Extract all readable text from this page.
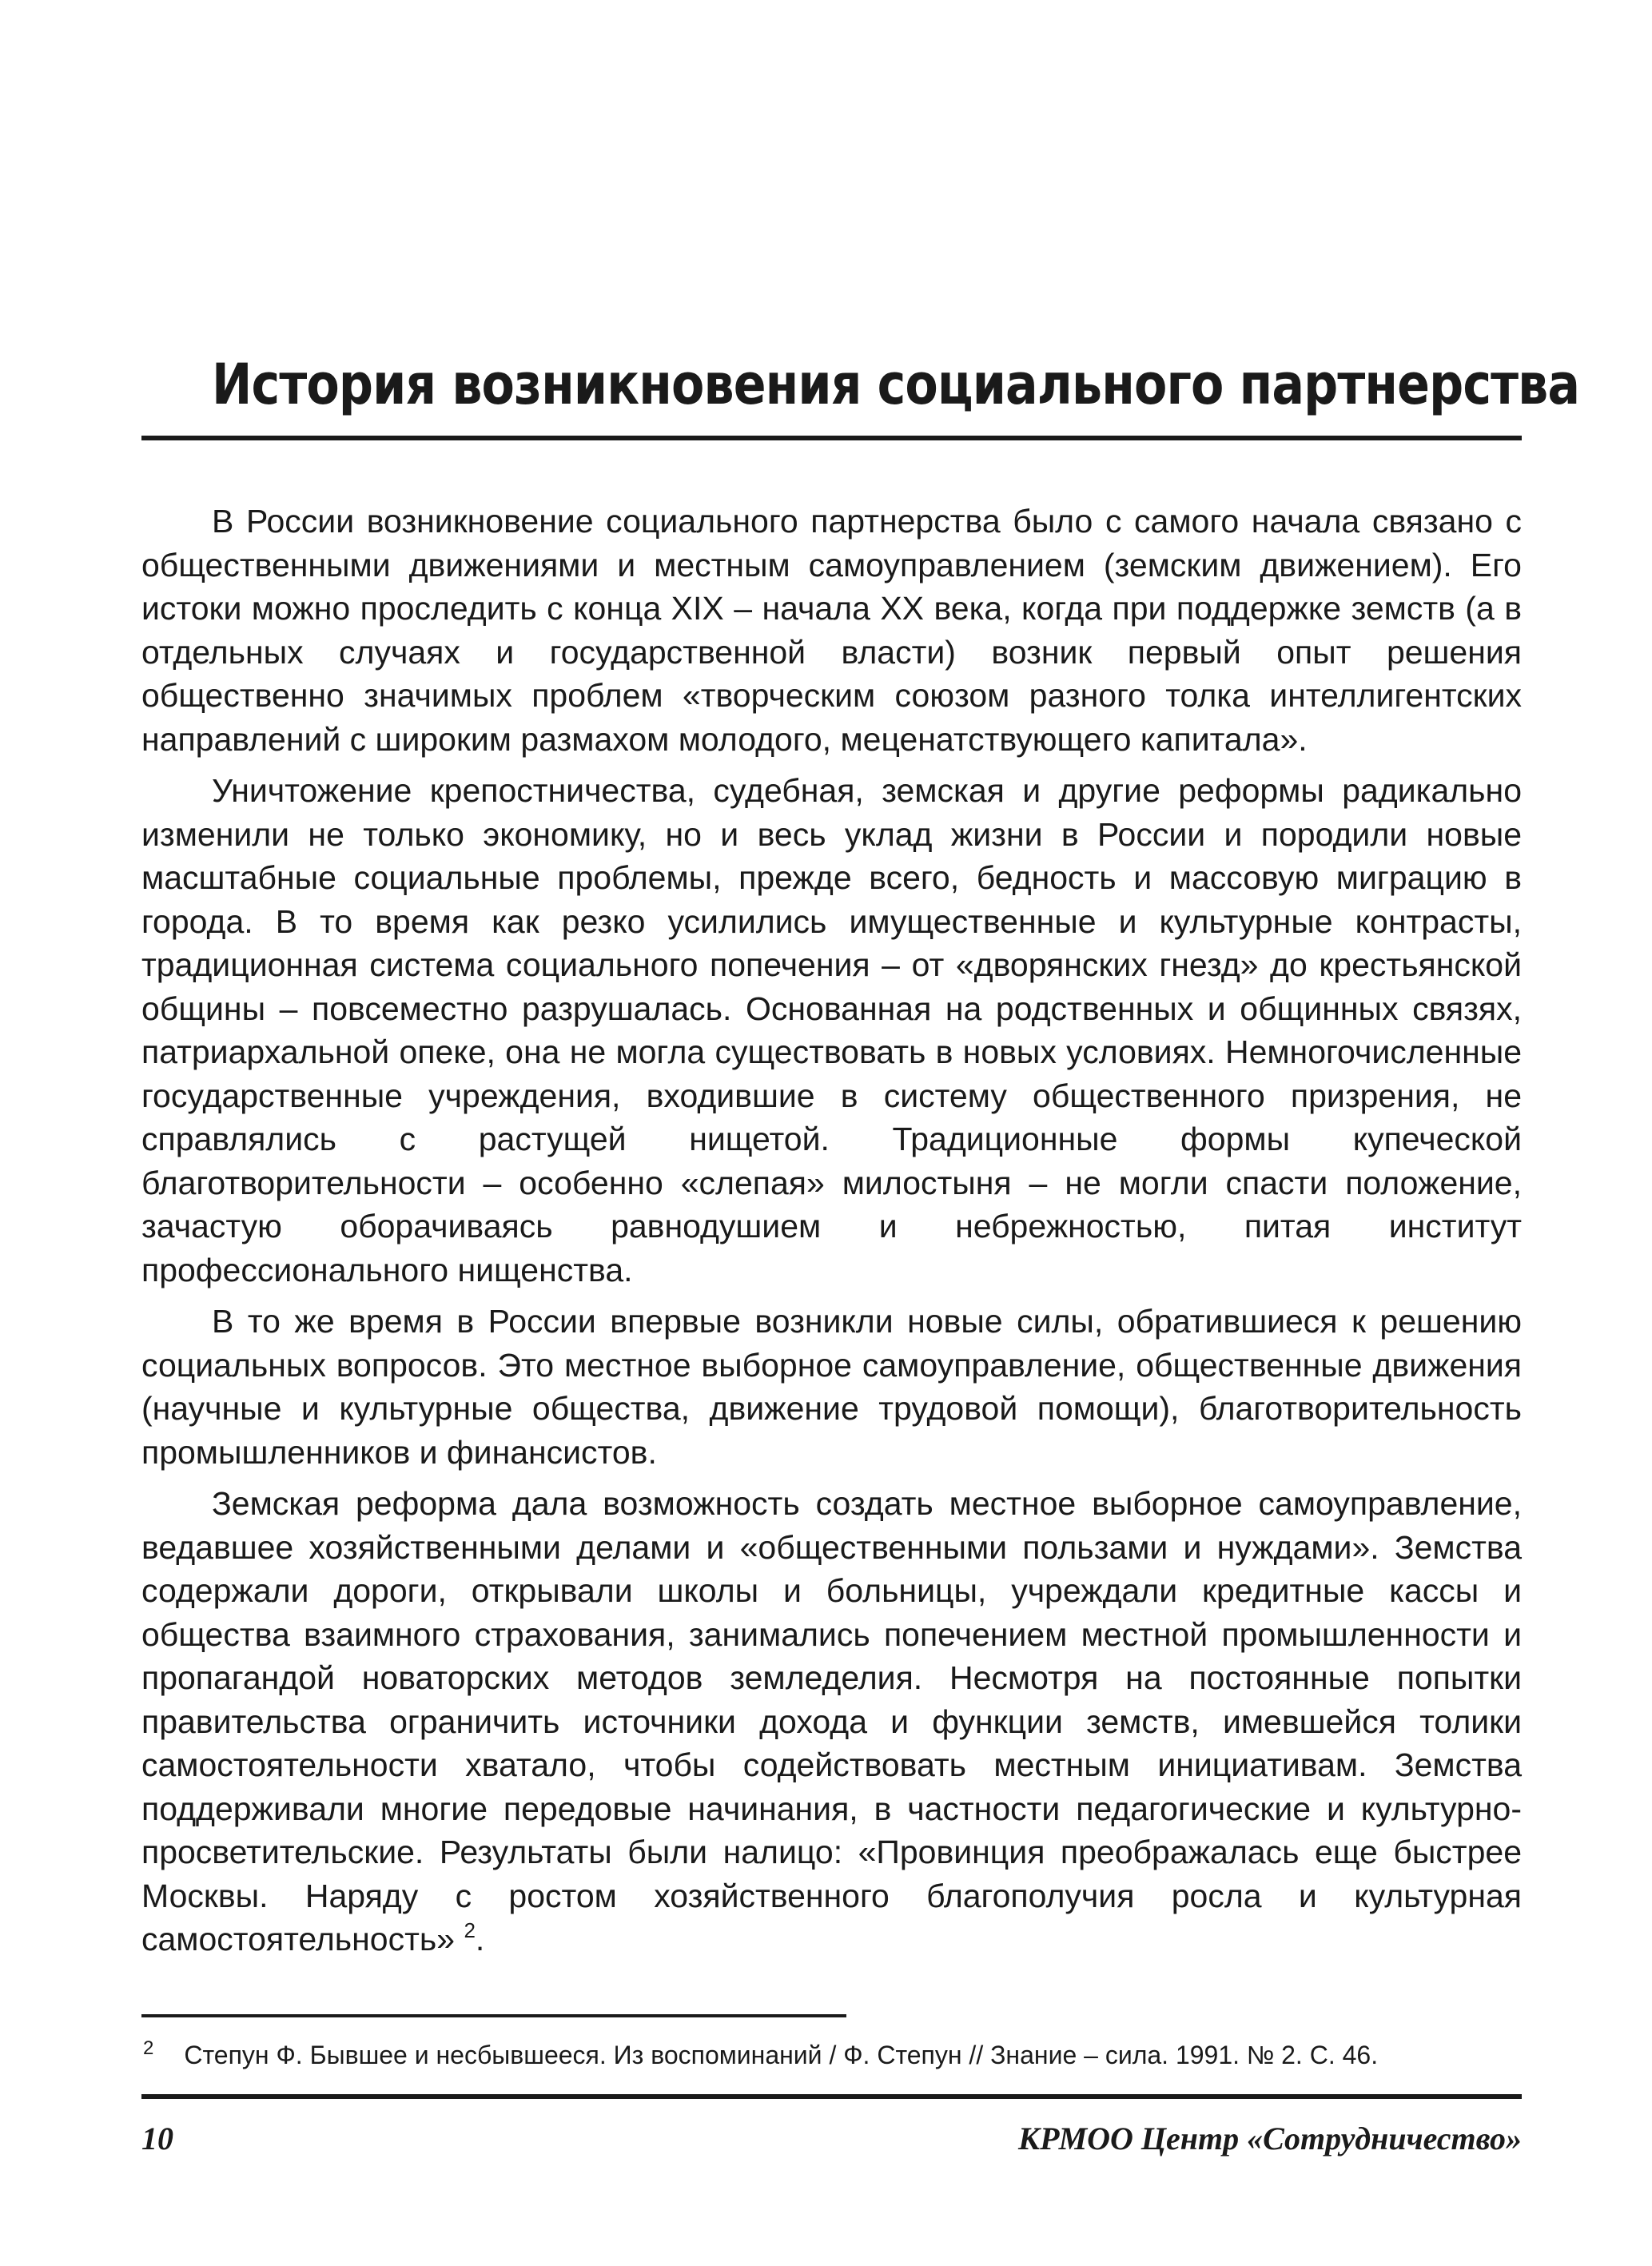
История возникновения социального партнерства

В России возникновение социального партнерства было с самого начала связано с общественными движениями и местным самоуправлением (земским движением). Его истоки можно проследить с конца XIX – начала XX века, когда при поддержке земств (а в отдельных случаях и государственной власти) возник первый опыт решения общественно значимых проблем «творческим союзом разного толка интеллигентских направлений с широким размахом молодого, меценатствующего капитала».

Уничтожение крепостничества, судебная, земская и другие реформы радикально изменили не только экономику, но и весь уклад жизни в России и породили новые масштабные социальные проблемы, прежде всего, бедность и массовую миграцию в города. В то время как резко усилились имущественные и культурные контрасты, традиционная система социального попечения – от «дворянских гнезд» до крестьянской общины – повсеместно разрушалась. Основанная на родственных и общинных связях, патриархальной опеке, она не могла существовать в новых условиях. Немногочисленные государственные учреждения, входившие в систему общественного призрения, не справлялись с растущей нищетой. Традиционные формы купеческой благотворительности – особенно «слепая» милостыня – не могли спасти положение, зачастую оборачиваясь равнодушием и небрежностью, питая институт профессионального нищенства.

В то же время в России впервые возникли новые силы, обратившиеся к решению социальных вопросов. Это местное выборное самоуправление, общественные движения (научные и культурные общества, движение трудовой помощи), благотворительность промышленников и финансистов.

Земская реформа дала возможность создать местное выборное самоуправление, ведавшее хозяйственными делами и «общественными пользами и нуждами». Земства содержали дороги, открывали школы и больницы, учреждали кредитные кассы и общества взаимного страхования, занимались попечением местной промышленности и пропагандой новаторских методов земледелия. Несмотря на постоянные попытки правительства ограничить источники дохода и функции земств, имевшейся толики самостоятельности хватало, чтобы содействовать местным инициативам. Земства поддерживали многие передовые начинания, в частности педагогические и культурно-просветительские. Результаты были налицо: «Провинция преображалась еще быстрее Москвы. Наряду с ростом хозяйственного благополучия росла и культурная самостоятельность» $^2$.

$^2$ Степун Ф. Бывшее и несбывшееся. Из воспоминаний / Ф. Степун // Знание – сила. 1991. № 2. С. 46.
10	КРМОО Центр «Сотрудничество»
